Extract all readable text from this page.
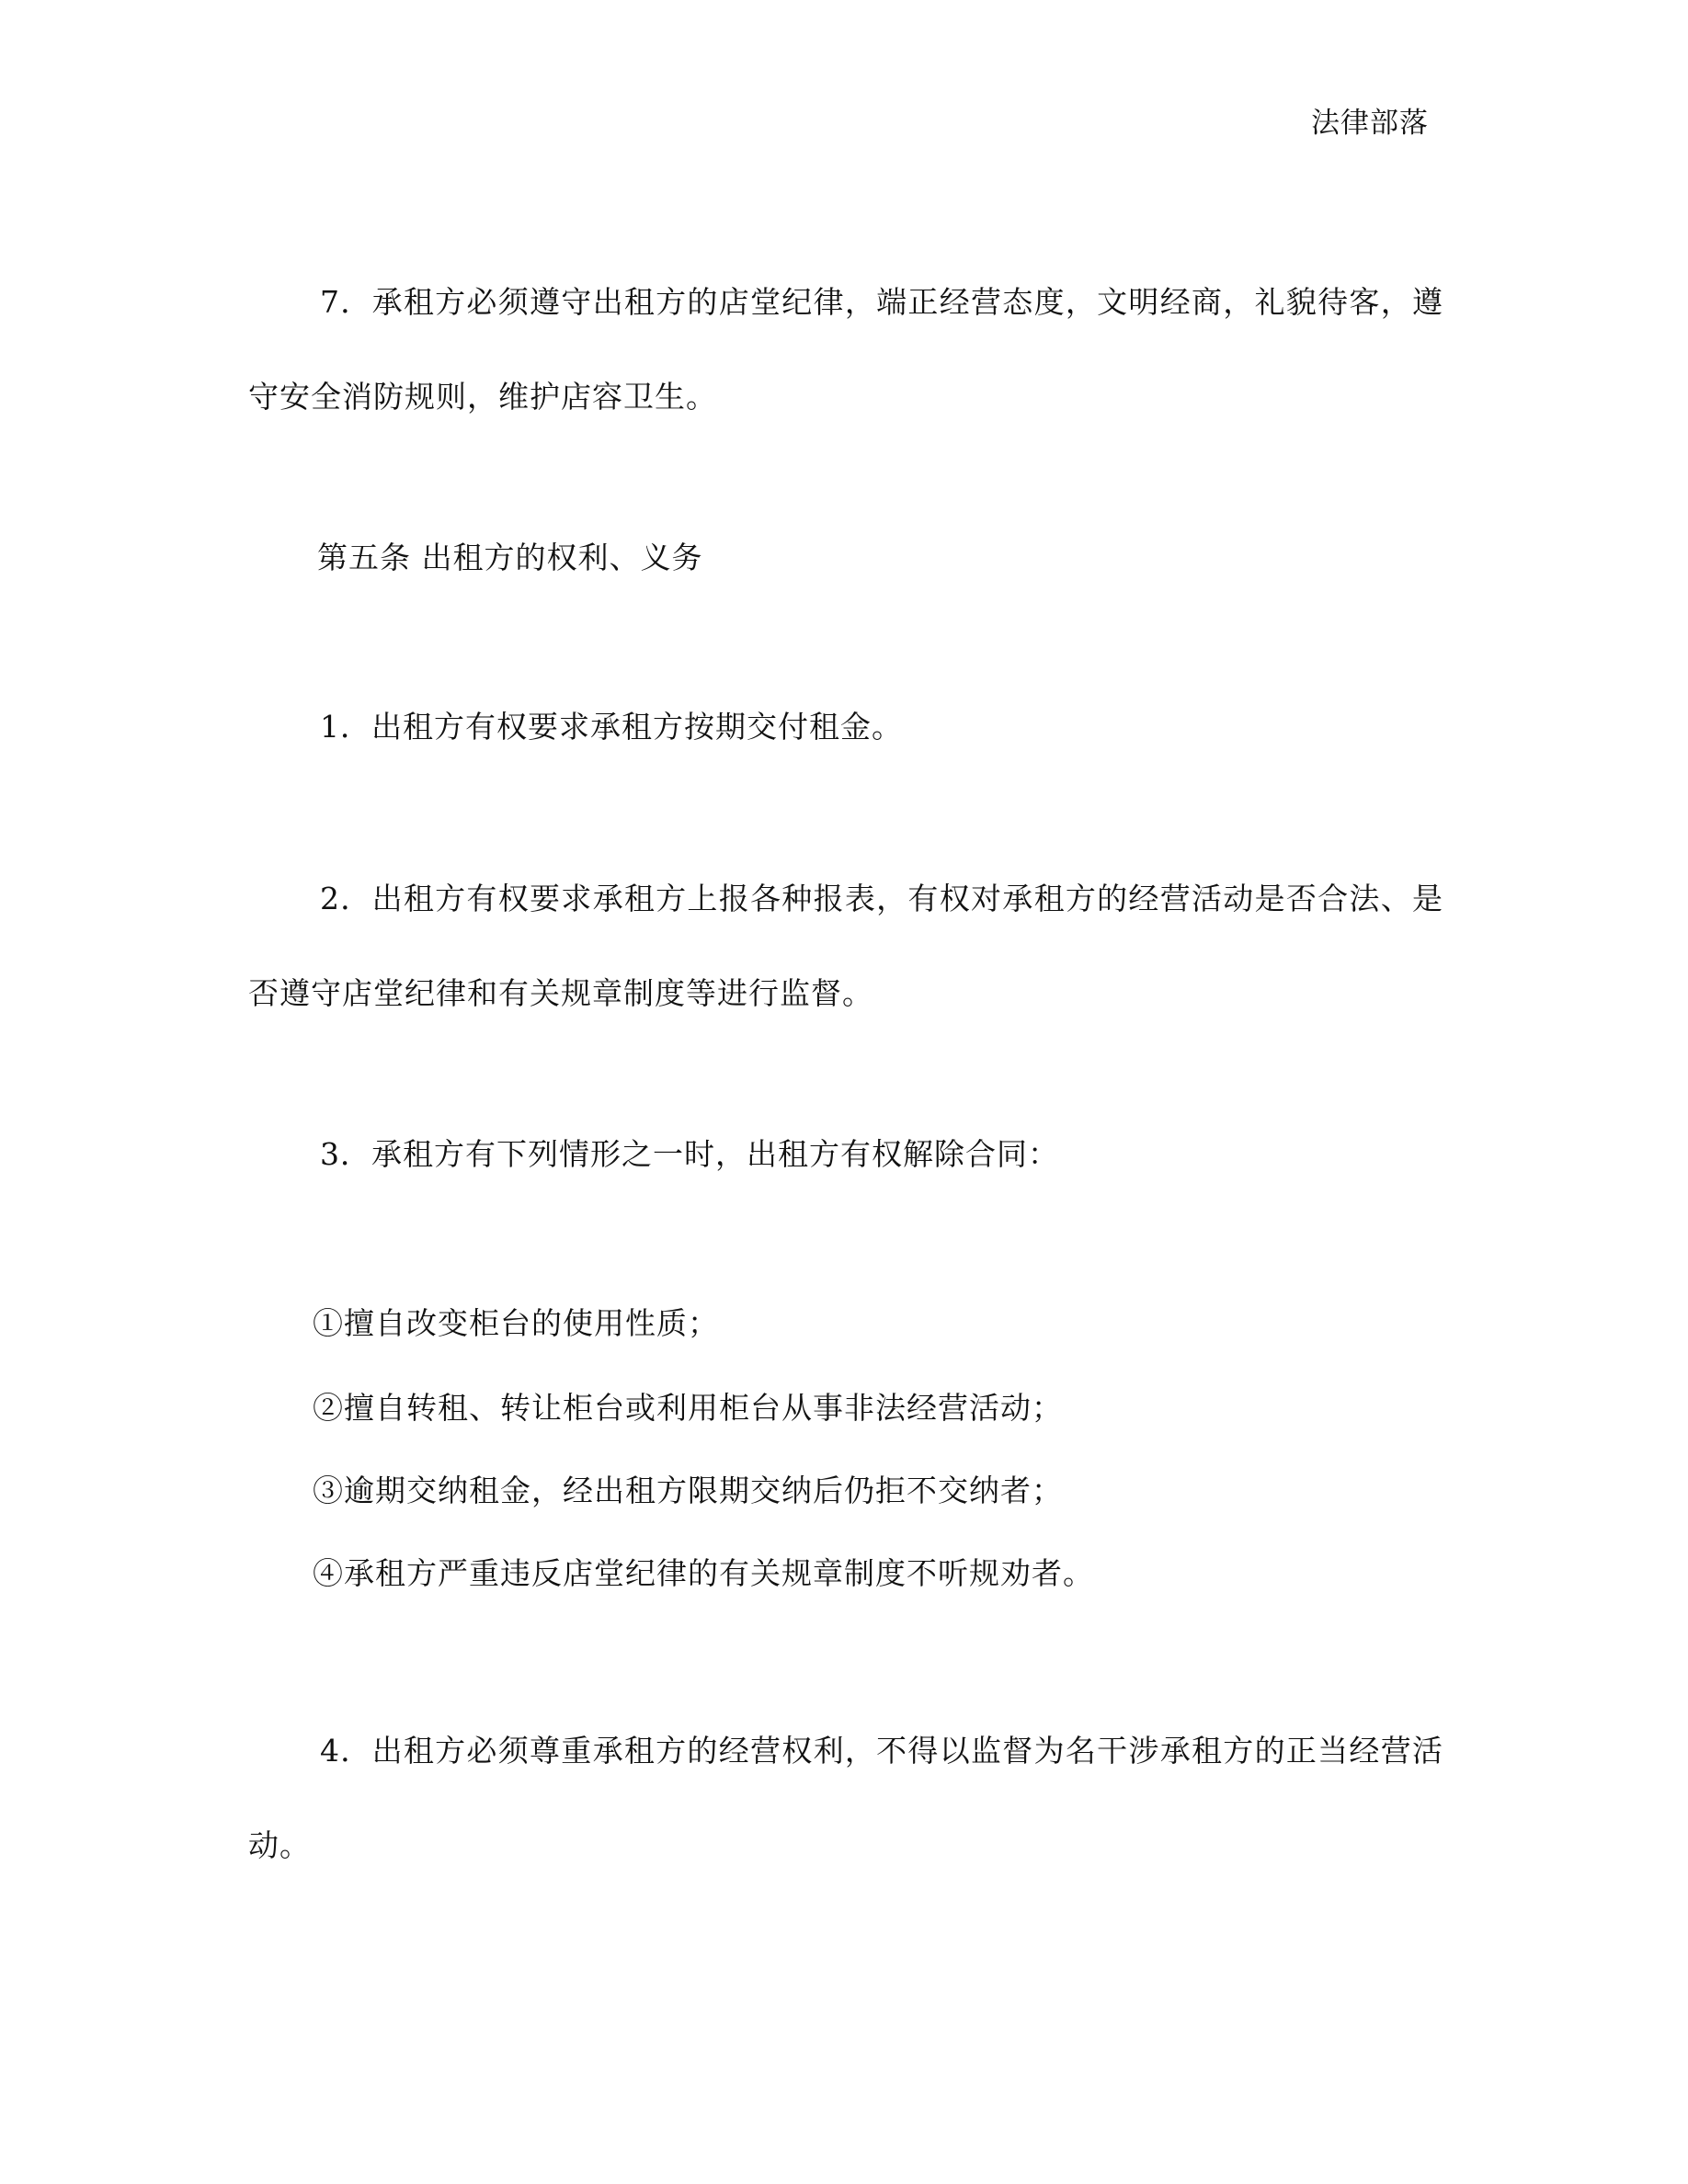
法律部落

7．承租方必须遵守出租方的店堂纪律，端正经营态度，文明经商，礼貌待客，遵守安全消防规则，维护店容卫生。

第五条 出租方的权利、义务

1．出租方有权要求承租方按期交付租金。

2．出租方有权要求承租方上报各种报表，有权对承租方的经营活动是否合法、是否遵守店堂纪律和有关规章制度等进行监督。

3．承租方有下列情形之一时，出租方有权解除合同：

①擅自改变柜台的使用性质；
②擅自转租、转让柜台或利用柜台从事非法经营活动；
③逾期交纳租金，经出租方限期交纳后仍拒不交纳者；
④承租方严重违反店堂纪律的有关规章制度不听规劝者。

4．出租方必须尊重承租方的经营权利，不得以监督为名干涉承租方的正当经营活动。
